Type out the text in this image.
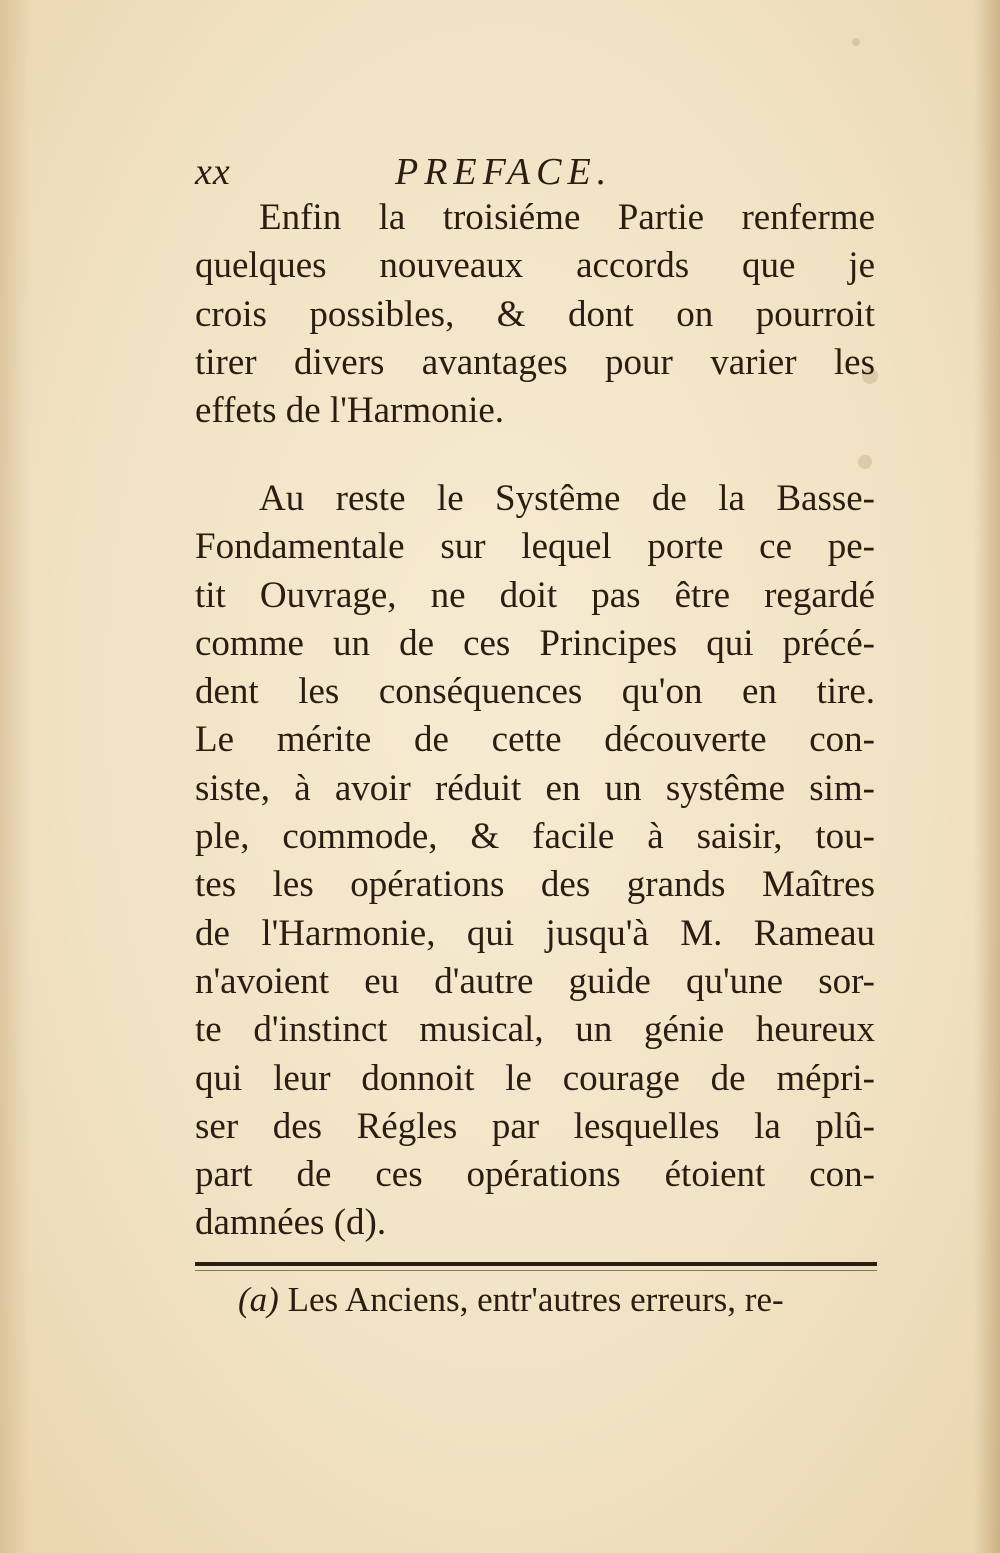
xx	PREFACE.
Enfin la troisiéme Partie renferme
quelques nouveaux accords que je
crois possibles, & dont on pourroit
tirer divers avantages pour varier les
effets de l'Harmonie.
Au reste le Systême de la Basse-
Fondamentale sur lequel porte ce pe-
tit Ouvrage, ne doit pas être regardé
comme un de ces Principes qui précé-
dent les conséquences qu'on en tire.
Le mérite de cette découverte con-
siste, à avoir réduit en un systême sim-
ple, commode, & facile à saisir, tou-
tes les opérations des grands Maîtres
de l'Harmonie, qui jusqu'à M. Rameau
n'avoient eu d'autre guide qu'une sor-
te d'instinct musical, un génie heureux
qui leur donnoit le courage de mépri-
ser des Régles par lesquelles la plû-
part de ces opérations étoient con-
damnées (d).
(a) Les Anciens, entr'autres erreurs, re-
